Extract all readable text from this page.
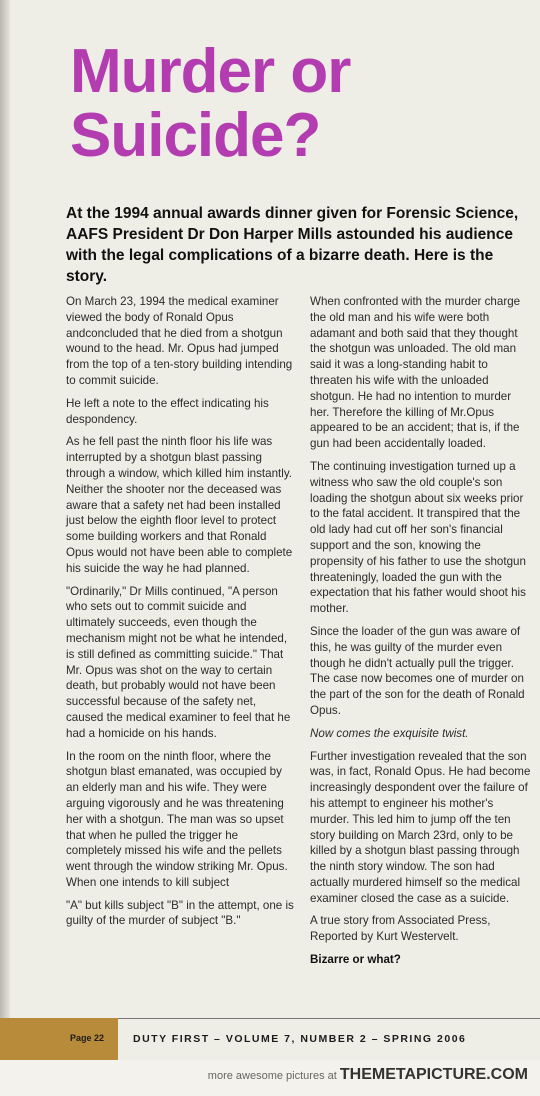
Murder or
Suicide?
At the 1994 annual awards dinner given for Forensic Science, AAFS President Dr Don Harper Mills astounded his audience with the legal complications of a bizarre death. Here is the story.

On March 23, 1994 the medical examiner viewed the body of Ronald Opus andconcluded that he died from a shotgun wound to the head. Mr. Opus had jumped from the top of a ten-story building intending to commit suicide.

He left a note to the effect indicating his despondency.

As he fell past the ninth floor his life was interrupted by a shotgun blast passing through a window, which killed him instantly. Neither the shooter nor the deceased was aware that a safety net had been installed just below the eighth floor level to protect some building workers and that Ronald Opus would not have been able to complete his suicide the way he had planned.

"Ordinarily," Dr Mills continued, "A person who sets out to commit suicide and ultimately succeeds, even though the mechanism might not be what he intended, is still defined as committing suicide." That Mr. Opus was shot on the way to certain death, but probably would not have been successful because of the safety net, caused the medical examiner to feel that he had a homicide on his hands.

In the room on the ninth floor, where the shotgun blast emanated, was occupied by an elderly man and his wife. They were arguing vigorously and he was threatening her with a shotgun. The man was so upset that when he pulled the trigger he completely missed his wife and the pellets went through the window striking Mr. Opus. When one intends to kill subject

"A" but kills subject "B" in the attempt, one is guilty of the murder of subject "B."

When confronted with the murder charge the old man and his wife were both adamant and both said that they thought the shotgun was unloaded. The old man said it was a long-standing habit to threaten his wife with the unloaded shotgun. He had no intention to murder her. Therefore the killing of Mr.Opus appeared to be an accident; that is, if the gun had been accidentally loaded.

The continuing investigation turned up a witness who saw the old couple's son loading the shotgun about six weeks prior to the fatal accident. It transpired that the old lady had cut off her son's financial support and the son, knowing the propensity of his father to use the shotgun threateningly, loaded the gun with the expectation that his father would shoot his mother.

Since the loader of the gun was aware of this, he was guilty of the murder even though he didn't actually pull the trigger. The case now becomes one of murder on the part of the son for the death of Ronald Opus.

Now comes the exquisite twist.

Further investigation revealed that the son was, in fact, Ronald Opus. He had become increasingly despondent over the failure of his attempt to engineer his mother's murder. This led him to jump off the ten story building on March 23rd, only to be killed by a shotgun blast passing through the ninth story window. The son had actually murdered himself so the medical examiner closed the case as a suicide.

A true story from Associated Press, Reported by Kurt Westervelt.

Bizarre or what?

Page 22	DUTY FIRST – VOLUME 7, NUMBER 2 – SPRING 2006
more awesome pictures at THEMETAPICTURE.COM
